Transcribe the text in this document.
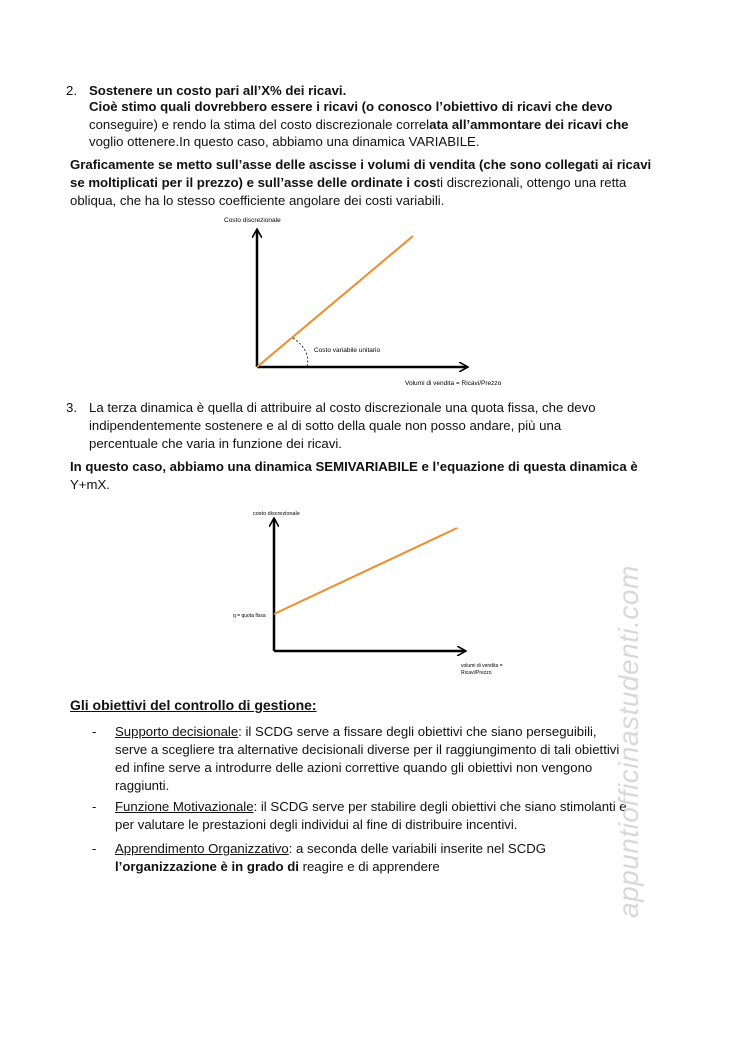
2. Sostenere un costo pari all’X% dei ricavi.
Cioè stimo quali dovrebbero essere i ricavi (o conosco l’obiettivo di ricavi che devo
conseguire) e rendo la stima del costo discrezionale correlata all’ammontare dei ricavi che
voglio ottenere.In questo caso, abbiamo una dinamica VARIABILE.
Graficamente se metto sull’asse delle ascisse i volumi di vendita (che sono collegati ai ricavi
se moltiplicati per il prezzo) e sull’asse delle ordinate i costi discrezionali, ottengo una retta
obliqua, che ha lo stesso coefficiente angolare dei costi variabili.
Costo discrezionale
Costo variabile unitario
Volumi di vendita = Ricavi/Prezzo
3. La terza dinamica è quella di attribuire al costo discrezionale una quota fissa, che devo
indipendentemente sostenere e al di sotto della quale non posso andare, più una
percentuale che varia in funzione dei ricavi.
In questo caso, abbiamo una dinamica SEMIVARIABILE e l’equazione di questa dinamica è
Y+mX.
costo discrezionale
q = quota fissa
volumi di vendita =
Ricavi/Prezzo
Gli obiettivi del controllo di gestione:
- Supporto decisionale: il SCDG serve a fissare degli obiettivi che siano perseguibili,
serve a scegliere tra alternative decisionali diverse per il raggiungimento di tali obiettivi
ed infine serve a introdurre delle azioni correttive quando gli obiettivi non vengono
raggiunti.
- Funzione Motivazionale: il SCDG serve per stabilire degli obiettivi che siano stimolanti e
per valutare le prestazioni degli individui al fine di distribuire incentivi.
- Apprendimento Organizzativo: a seconda delle variabili inserite nel SCDG
l’organizzazione è in grado di reagire e di apprendere	appuntiofficinastudenti.com
